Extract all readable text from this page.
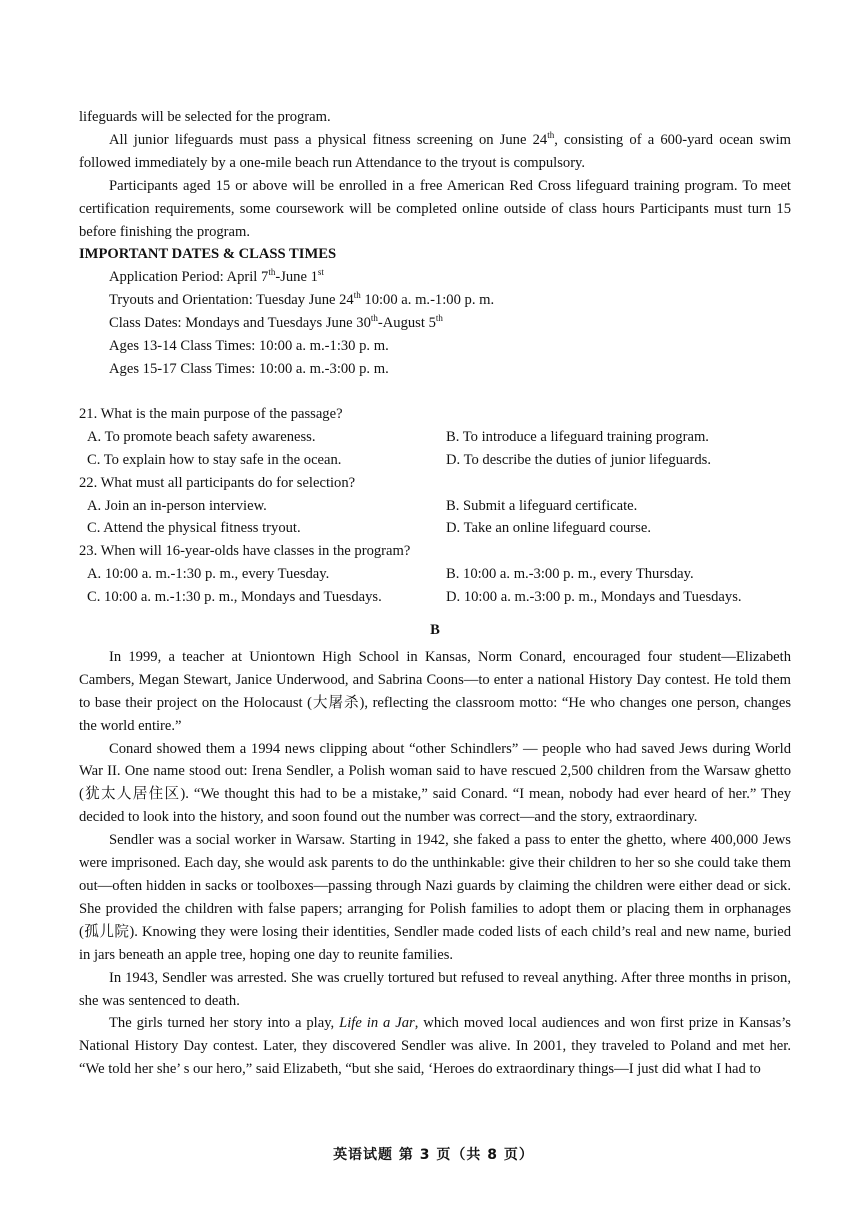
lifeguards will be selected for the program.

All junior lifeguards must pass a physical fitness screening on June 24th, consisting of a 600-yard ocean swim followed immediately by a one-mile beach run Attendance to the tryout is compulsory.

Participants aged 15 or above will be enrolled in a free American Red Cross lifeguard training program. To meet certification requirements, some coursework will be completed online outside of class hours Participants must turn 15 before finishing the program.

IMPORTANT DATES & CLASS TIMES

Application Period: April 7th-June 1st
Tryouts and Orientation: Tuesday June 24th 10:00 a. m.-1:00 p. m.
Class Dates: Mondays and Tuesdays June 30th-August 5th
Ages 13-14 Class Times: 10:00 a. m.-1:30 p. m.
Ages 15-17 Class Times: 10:00 a. m.-3:00 p. m.
21. What is the main purpose of the passage?
A. To promote beach safety awareness.	B. To introduce a lifeguard training program.
C. To explain how to stay safe in the ocean.	D. To describe the duties of junior lifeguards.
22. What must all participants do for selection?
A. Join an in-person interview.	B. Submit a lifeguard certificate.
C. Attend the physical fitness tryout.	D. Take an online lifeguard course.
23. When will 16-year-olds have classes in the program?
A. 10:00 a. m.-1:30 p. m., every Tuesday.	B. 10:00 a. m.-3:00 p. m., every Thursday.
C. 10:00 a. m.-1:30 p. m., Mondays and Tuesdays.	D. 10:00 a. m.-3:00 p. m., Mondays and Tuesdays.
B

In 1999, a teacher at Uniontown High School in Kansas, Norm Conard, encouraged four student—Elizabeth Cambers, Megan Stewart, Janice Underwood, and Sabrina Coons—to enter a national History Day contest. He told them to base their project on the Holocaust (大屠杀), reflecting the classroom motto: “He who changes one person, changes the world entire.”

Conard showed them a 1994 news clipping about “other Schindlers” — people who had saved Jews during World War II. One name stood out: Irena Sendler, a Polish woman said to have rescued 2,500 children from the Warsaw ghetto (犹太人居住区). “We thought this had to be a mistake,” said Conard. “I mean, nobody had ever heard of her.” They decided to look into the history, and soon found out the number was correct—and the story, extraordinary.

Sendler was a social worker in Warsaw. Starting in 1942, she faked a pass to enter the ghetto, where 400,000 Jews were imprisoned. Each day, she would ask parents to do the unthinkable: give their children to her so she could take them out—often hidden in sacks or toolboxes—passing through Nazi guards by claiming the children were either dead or sick. She provided the children with false papers; arranging for Polish families to adopt them or placing them in orphanages (孤儿院). Knowing they were losing their identities, Sendler made coded lists of each child’s real and new name, buried in jars beneath an apple tree, hoping one day to reunite families.

In 1943, Sendler was arrested. She was cruelly tortured but refused to reveal anything. After three months in prison, she was sentenced to death.

The girls turned her story into a play, Life in a Jar, which moved local audiences and won first prize in Kansas’s National History Day contest. Later, they discovered Sendler was alive. In 2001, they traveled to Poland and met her. “We told her she’ s our hero,” said Elizabeth, “but she said, ‘Heroes do extraordinary things—I just did what I had to

英语试题 第 3 页（共 8 页）
